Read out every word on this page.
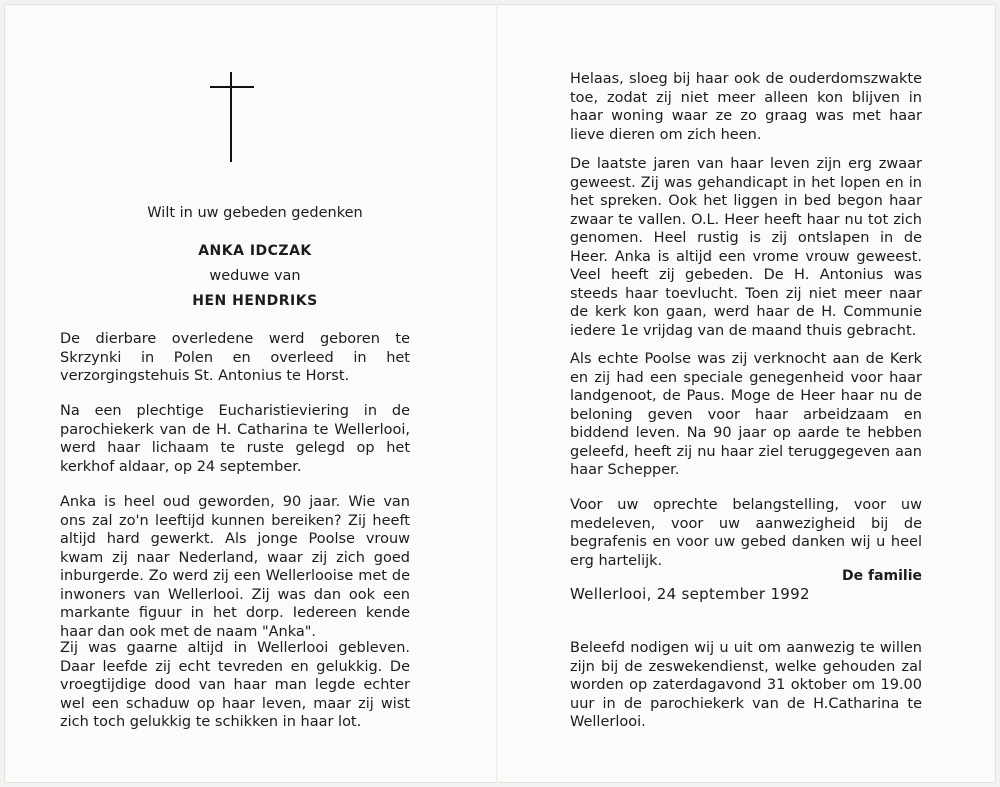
Wilt in uw gebeden gedenken
ANKA IDCZAK
weduwe van
HEN HENDRIKS

De dierbare overledene werd geboren te Skrzynki in Polen en overleed in het verzorgingstehuis St. Antonius te Horst.

Na een plechtige Eucharistieviering in de parochiekerk van de H. Catharina te Wellerlooi, werd haar lichaam te ruste gelegd op het kerkhof aldaar, op 24 september.

Anka is heel oud geworden, 90 jaar. Wie van ons zal zo'n leeftijd kunnen bereiken? Zij heeft altijd hard gewerkt. Als jonge Poolse vrouw kwam zij naar Nederland, waar zij zich goed inburgerde. Zo werd zij een Wellerlooise met de inwoners van Wellerlooi. Zij was dan ook een markante figuur in het dorp. Iedereen kende haar dan ook met de naam "Anka".

Zij was gaarne altijd in Wellerlooi gebleven. Daar leefde zij echt tevreden en gelukkig. De vroegtijdige dood van haar man legde echter wel een schaduw op haar leven, maar zij wist zich toch gelukkig te schikken in haar lot.

Helaas, sloeg bij haar ook de ouderdomszwakte toe, zodat zij niet meer alleen kon blijven in haar woning waar ze zo graag was met haar lieve dieren om zich heen.

De laatste jaren van haar leven zijn erg zwaar geweest. Zij was gehandicapt in het lopen en in het spreken. Ook het liggen in bed begon haar zwaar te vallen. O.L. Heer heeft haar nu tot zich genomen. Heel rustig is zij ontslapen in de Heer. Anka is altijd een vrome vrouw geweest. Veel heeft zij gebeden. De H. Antonius was steeds haar toevlucht. Toen zij niet meer naar de kerk kon gaan, werd haar de H. Communie iedere 1e vrijdag van de maand thuis gebracht.

Als echte Poolse was zij verknocht aan de Kerk en zij had een speciale genegenheid voor haar landgenoot, de Paus. Moge de Heer haar nu de beloning geven voor haar arbeidzaam en biddend leven. Na 90 jaar op aarde te hebben geleefd, heeft zij nu haar ziel teruggegeven aan haar Schepper.

Voor uw oprechte belangstelling, voor uw medeleven, voor uw aanwezigheid bij de begrafenis en voor uw gebed danken wij u heel erg hartelijk.

De familie
Wellerlooi, 24 september 1992

Beleefd nodigen wij u uit om aanwezig te willen zijn bij de zeswekendienst, welke gehouden zal worden op zaterdagavond 31 oktober om 19.00 uur in de parochiekerk van de H.Catharina te Wellerlooi.
